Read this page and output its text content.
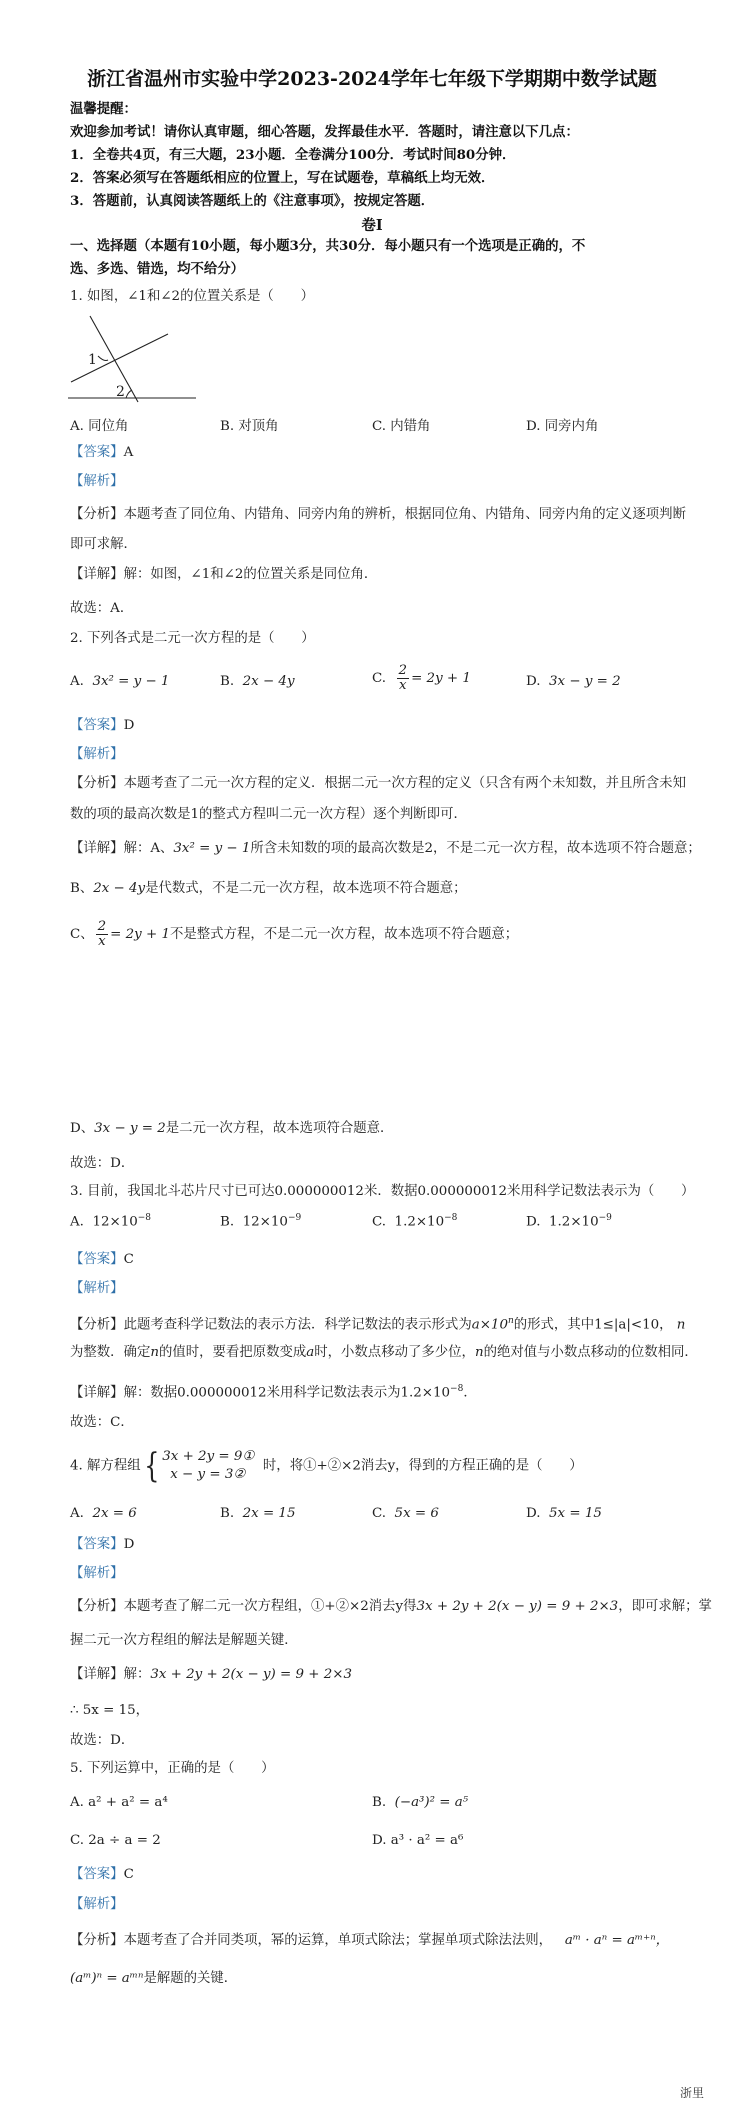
浙江省温州市实验中学2023-2024学年七年级下学期期中数学试题
温馨提醒：
欢迎参加考试！请你认真审题，细心答题，发挥最佳水平．答题时，请注意以下几点：
1．全卷共4页，有三大题，23小题．全卷满分100分．考试时间80分钟．
2．答案必须写在答题纸相应的位置上，写在试题卷，草稿纸上均无效．
3．答题前，认真阅读答题纸上的《注意事项》，按规定答题．
卷Ⅰ
一、选择题（本题有10小题，每小题3分，共30分．每小题只有一个选项是正确的，不
选、多选、错选，均不给分）
1. 如图，∠1和∠2的位置关系是（　　）
1
2
A. 同位角	B. 对顶角	C. 内错角	D. 同旁内角
【答案】A
【解析】
【分析】本题考查了同位角、内错角、同旁内角的辨析，根据同位角、内错角、同旁内角的定义逐项判断
即可求解．
【详解】解：如图，∠1和∠2的位置关系是同位角．
故选：A．
2. 下列各式是二元一次方程的是（　　）
A. 3x² = y − 1	B. 2x − 4y	C. $\frac{2}{x} = 2y + 1$	D. 3x − y = 2
【答案】D
【解析】
【分析】本题考查了二元一次方程的定义．根据二元一次方程的定义（只含有两个未知数，并且所含未知
数的项的最高次数是1的整式方程叫二元一次方程）逐个判断即可．
【详解】解：A、3x² = y − 1所含未知数的项的最高次数是2，不是二元一次方程，故本选项不符合题意；
B、2x − 4y是代数式，不是二元一次方程，故本选项不符合题意；
C、 $\frac{2}{x} = 2y + 1$不是整式方程，不是二元一次方程，故本选项不符合题意；
D、3x − y = 2是二元一次方程，故本选项符合题意．
故选：D．
3. 目前，我国北斗芯片尺寸已可达0.000000012米．数据0.000000012米用科学记数法表示为（　　）
A. $12\times 10^{-8}$	B. $12\times 10^{-9}$	C. $1.2\times 10^{-8}$	D. $1.2\times 10^{-9}$
【答案】C
【解析】
【分析】此题考查科学记数法的表示方法．科学记数法的表示形式为$a\times 10^n$的形式，其中1≤|a|<10， n
为整数．确定n的值时，要看把原数变成a时，小数点移动了多少位，n的绝对值与小数点移动的位数相同．
【详解】解：数据0.000000012米用科学记数法表示为$1.2\times 10^{-8}$．
故选：C．
4. 解方程组{ 3x + 2y = 9①
x − y = 3②
时，将①+②×2消去y，得到的方程正确的是（　　）
A. 2x = 6	B. 2x = 15	C. 5x = 6	D. 5x = 15
【答案】D
【解析】
【分析】本题考查了解二元一次方程组，①+②×2消去y得3x + 2y + 2(x − y) = 9 + 2×3，即可求解；掌
握二元一次方程组的解法是解题关键．
【详解】解：3x + 2y + 2(x − y) = 9 + 2×3
∴ 5x = 15，
故选：D．
5. 下列运算中，正确的是（　　）
A. a² + a² = a⁴	B. (−a³)² = a⁵
C. 2a ÷ a = 2	D. a³ · a² = a⁶
【答案】C
【解析】
【分析】本题考查了合并同类项，幂的运算，单项式除法；掌握单项式除法法则， aᵐ · aⁿ = aᵐ⁺ⁿ，
(aᵐ)ⁿ = aᵐⁿ是解题的关键．
浙里
